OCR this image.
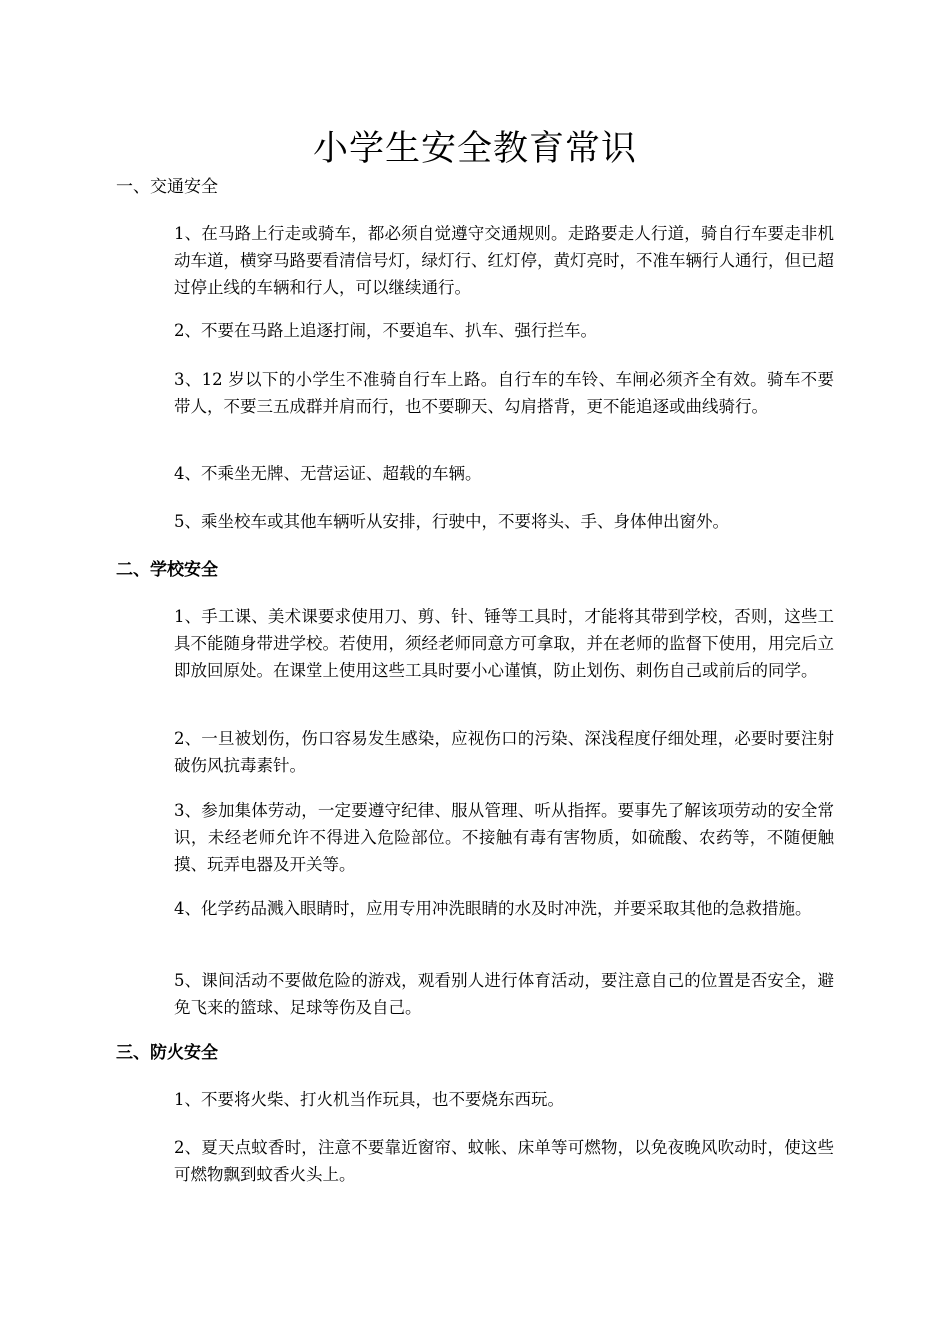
小学生安全教育常识
一、交通安全

1、在马路上行走或骑车，都必须自觉遵守交通规则。走路要走人行道，骑自行车要走非机动车道，横穿马路要看清信号灯，绿灯行、红灯停，黄灯亮时，不准车辆行人通行，但已超过停止线的车辆和行人，可以继续通行。

2、不要在马路上追逐打闹，不要追车、扒车、强行拦车。

3、12 岁以下的小学生不准骑自行车上路。自行车的车铃、车闸必须齐全有效。骑车不要带人，不要三五成群并肩而行，也不要聊天、勾肩搭背，更不能追逐或曲线骑行。

4、不乘坐无牌、无营运证、超载的车辆。

5、乘坐校车或其他车辆听从安排，行驶中，不要将头、手、身体伸出窗外。

二、学校安全

1、手工课、美术课要求使用刀、剪、针、锤等工具时，才能将其带到学校，否则，这些工具不能随身带进学校。若使用，须经老师同意方可拿取，并在老师的监督下使用，用完后立即放回原处。在课堂上使用这些工具时要小心谨慎，防止划伤、刺伤自己或前后的同学。

2、一旦被划伤，伤口容易发生感染，应视伤口的污染、深浅程度仔细处理，必要时要注射破伤风抗毒素针。

3、参加集体劳动，一定要遵守纪律、服从管理、听从指挥。要事先了解该项劳动的安全常识，未经老师允许不得进入危险部位。不接触有毒有害物质，如硫酸、农药等，不随便触摸、玩弄电器及开关等。

4、化学药品溅入眼睛时，应用专用冲洗眼睛的水及时冲洗，并要采取其他的急救措施。

5、课间活动不要做危险的游戏，观看别人进行体育活动，要注意自己的位置是否安全，避免飞来的篮球、足球等伤及自己。

三、防火安全

1、不要将火柴、打火机当作玩具，也不要烧东西玩。

2、夏天点蚊香时，注意不要靠近窗帘、蚊帐、床单等可燃物，以免夜晚风吹动时，使这些可燃物飘到蚊香火头上。
